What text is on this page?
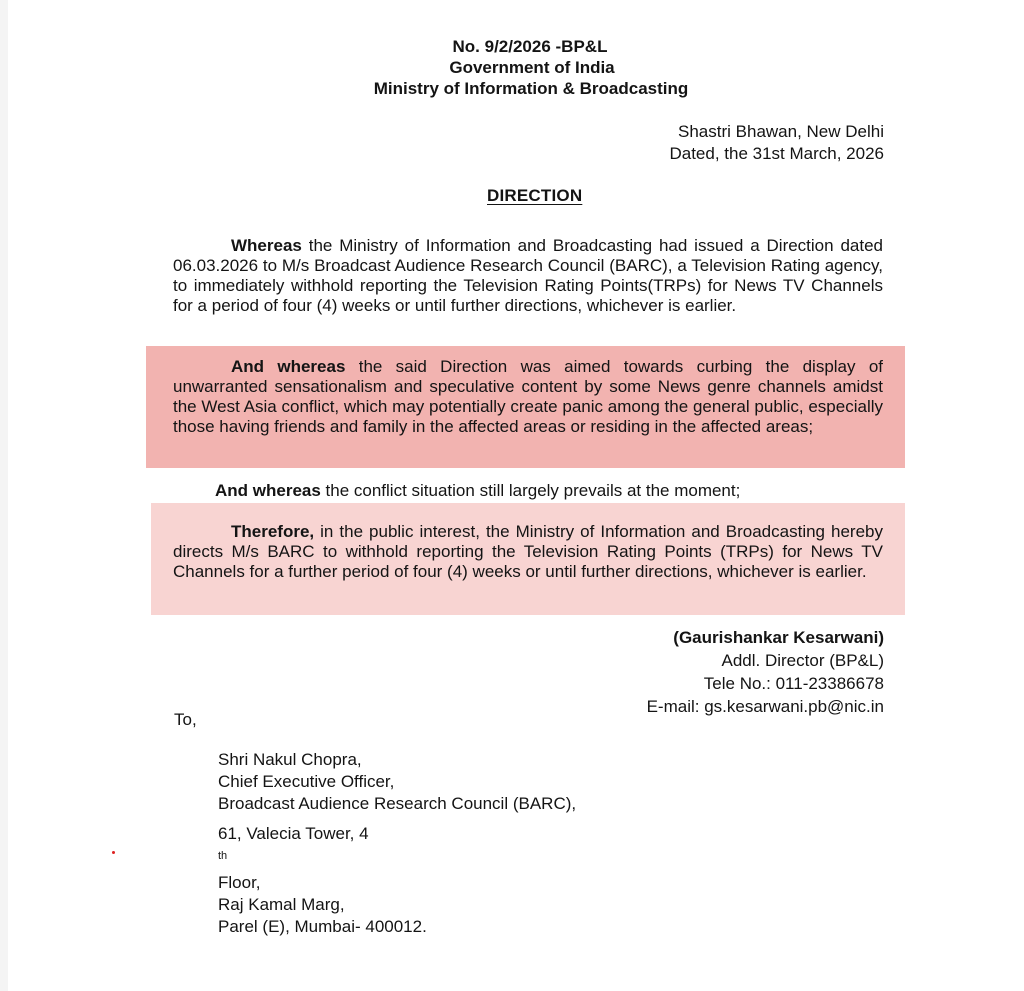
No. 9/2/2026 -BP&L
Government of India
Ministry of Information & Broadcasting
Shastri Bhawan, New Delhi
Dated, the 31st March, 2026
DIRECTION
Whereas the Ministry of Information and Broadcasting had issued a Direction dated 06.03.2026 to M/s Broadcast Audience Research Council (BARC), a Television Rating agency, to immediately withhold reporting the Television Rating Points(TRPs) for News TV Channels for a period of four (4) weeks or until further directions, whichever is earlier.
And whereas the said Direction was aimed towards curbing the display of unwarranted sensationalism and speculative content by some News genre channels amidst the West Asia conflict, which may potentially create panic among the general public, especially those having friends and family in the affected areas or residing in the affected areas;
And whereas the conflict situation still largely prevails at the moment;
Therefore, in the public interest, the Ministry of Information and Broadcasting hereby directs M/s BARC to withhold reporting the Television Rating Points (TRPs) for News TV Channels for a further period of four (4) weeks or until further directions, whichever is earlier.
(Gaurishankar Kesarwani)
Addl. Director (BP&L)
Tele No.: 011-23386678
E-mail: gs.kesarwani.pb@nic.in
To,
Shri Nakul Chopra,
Chief Executive Officer,
Broadcast Audience Research Council (BARC),
61, Valecia Tower, 4
$^{th}$
Floor,
Raj Kamal Marg,
Parel (E), Mumbai- 400012.
